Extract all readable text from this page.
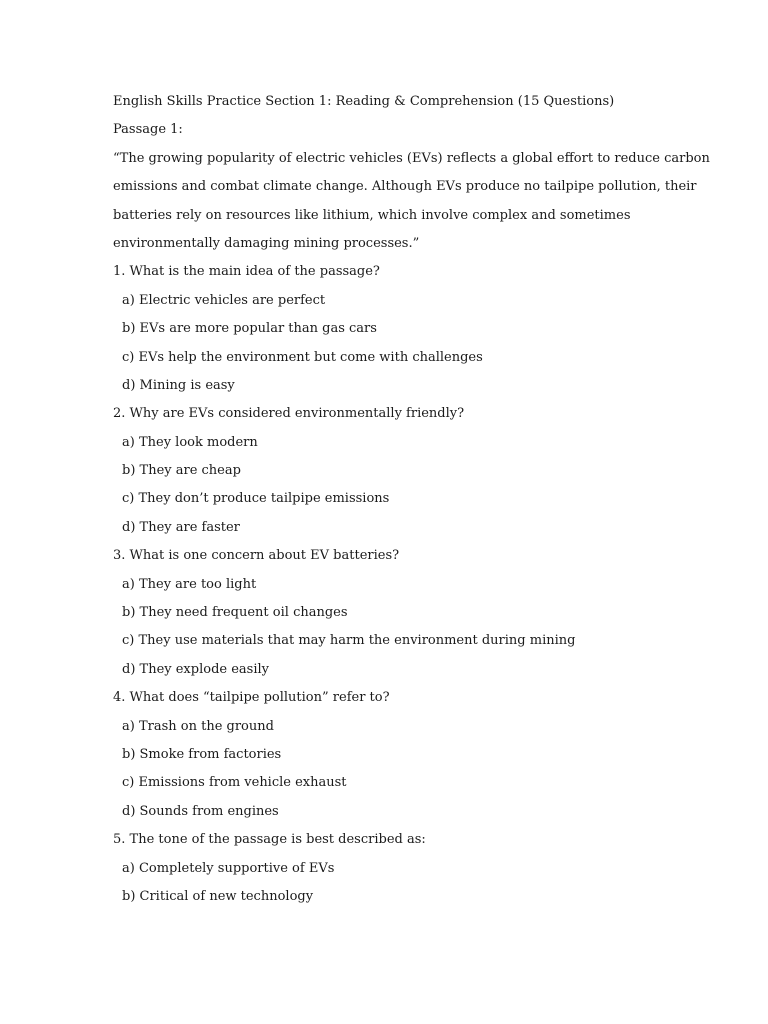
English Skills Practice Section 1: Reading & Comprehension (15 Questions)
Passage 1:
“The growing popularity of electric vehicles (EVs) reflects a global effort to reduce carbon
emissions and combat climate change. Although EVs produce no tailpipe pollution, their
batteries rely on resources like lithium, which involve complex and sometimes
environmentally damaging mining processes.”
1. What is the main idea of the passage?
a) Electric vehicles are perfect
b) EVs are more popular than gas cars
c) EVs help the environment but come with challenges
d) Mining is easy
2. Why are EVs considered environmentally friendly?
a) They look modern
b) They are cheap
c) They don’t produce tailpipe emissions
d) They are faster
3. What is one concern about EV batteries?
a) They are too light
b) They need frequent oil changes
c) They use materials that may harm the environment during mining
d) They explode easily
4. What does “tailpipe pollution” refer to?
a) Trash on the ground
b) Smoke from factories
c) Emissions from vehicle exhaust
d) Sounds from engines
5. The tone of the passage is best described as:
a) Completely supportive of EVs
b) Critical of new technology
